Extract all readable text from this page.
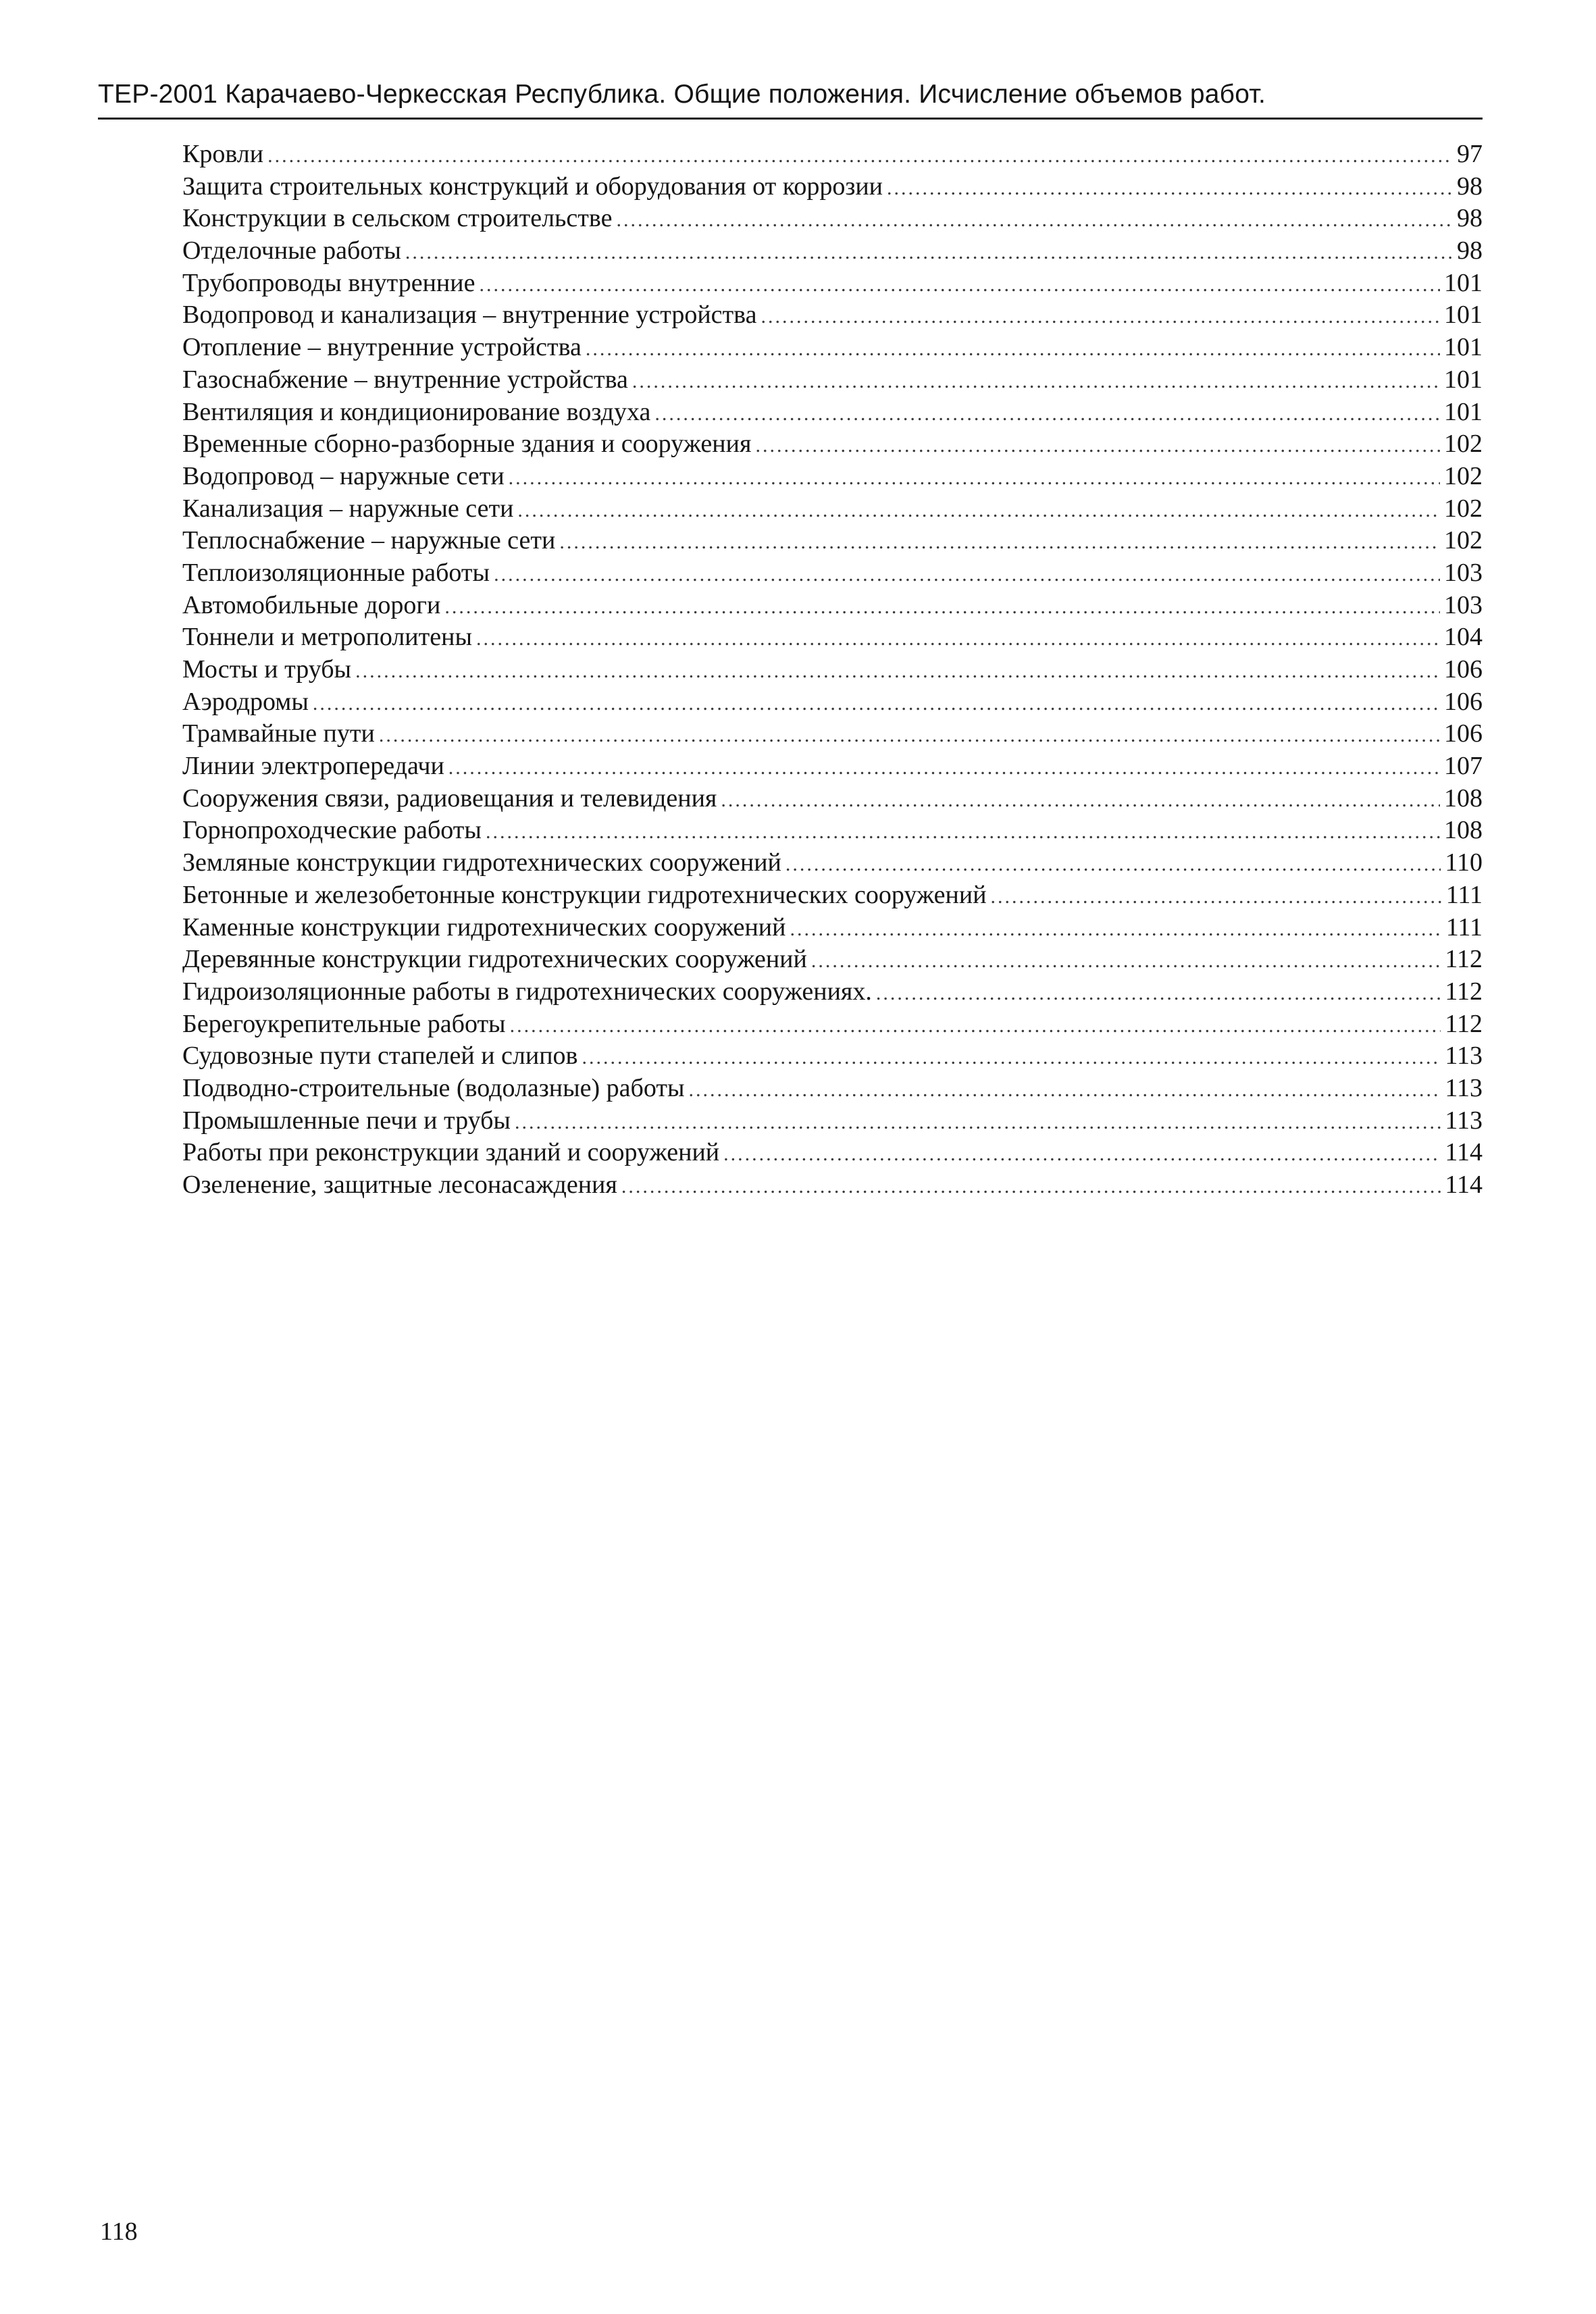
ТЕР-2001 Карачаево-Черкесская Республика. Общие положения. Исчисление объемов работ.
Кровли .....	97
Защита строительных конструкций и оборудования от коррозии .....	98
Конструкции в сельском строительстве .....	98
Отделочные работы .....	98
Трубопроводы внутренние .....	101
Водопровод и канализация – внутренние устройства .....	101
Отопление – внутренние устройства .....	101
Газоснабжение – внутренние устройства .....	101
Вентиляция и кондиционирование воздуха .....	101
Временные сборно-разборные здания и сооружения .....	102
Водопровод – наружные сети .....	102
Канализация – наружные сети .....	102
Теплоснабжение – наружные сети .....	102
Теплоизоляционные работы .....	103
Автомобильные дороги .....	103
Тоннели и метрополитены .....	104
Мосты и трубы .....	106
Аэродромы .....	106
Трамвайные пути .....	106
Линии электропередачи .....	107
Сооружения связи, радиовещания и телевидения .....	108
Горнопроходческие работы .....	108
Земляные конструкции гидротехнических сооружений .....	110
Бетонные и железобетонные конструкции гидротехнических сооружений .....	111
Каменные конструкции гидротехнических сооружений .....	111
Деревянные конструкции гидротехнических сооружений .....	112
Гидроизоляционные работы в гидротехнических сооружениях. .....	112
Берегоукрепительные работы .....	112
Судовозные пути стапелей и слипов .....	113
Подводно-строительные (водолазные) работы .....	113
Промышленные печи и трубы .....	113
Работы при реконструкции зданий и сооружений .....	114
Озеленение, защитные лесонасаждения .....	114
118
